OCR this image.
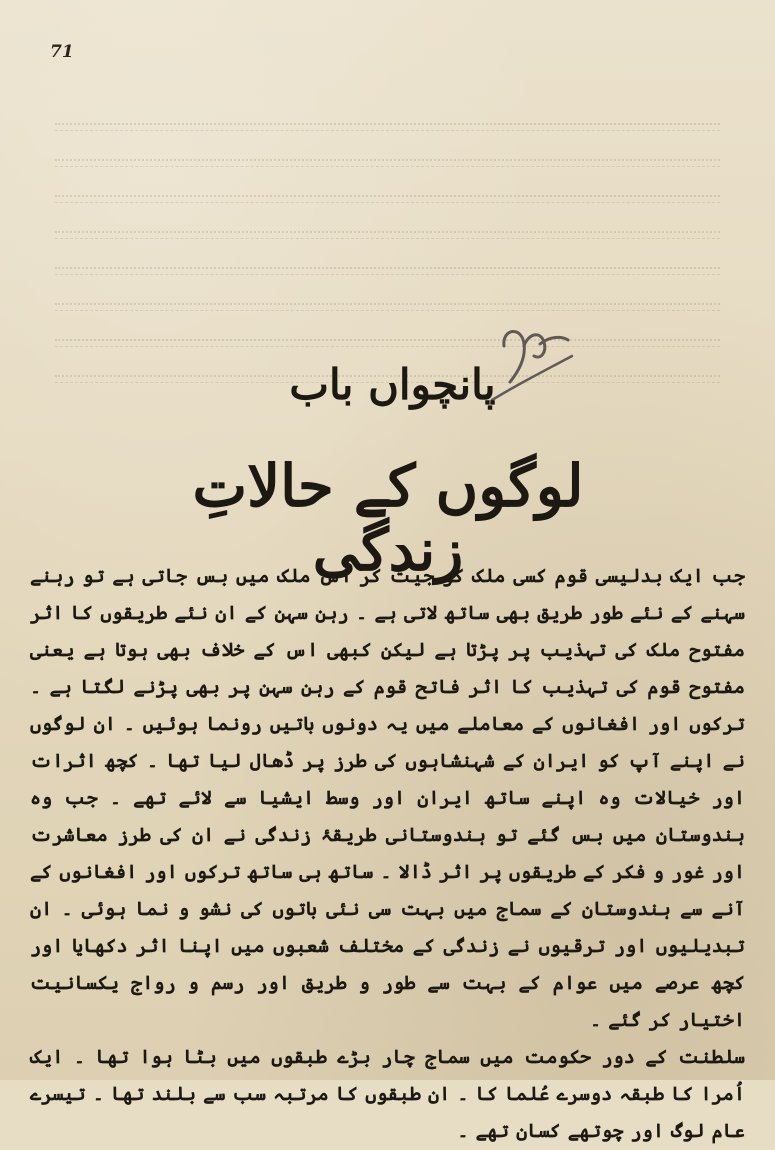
71
پانچواں باب
لوگوں کے حالاتِ زندگی

جب ایک بدلیسی قوم کسی ملک کو جیت کر اس ملک میں بس جاتی ہے تو رہنے سہنے کے نئے طور طریق بھی ساتھ لاتی ہے ۔ رہن سہن کے ان نئے طریقوں کا اثر مفتوح ملک کی تہذیب پر پڑتا ہے لیکن کبھی اس کے خلاف بھی ہوتا ہے یعنی مفتوح قوم کی تہذیب کا اثر فاتح قوم کے رہن سہن پر بھی پڑنے لگتا ہے ۔ ترکوں اور افغانوں کے معاملے میں یہ دونوں باتیں رونما ہوئیں ۔ ان لوگوں نے اپنے آپ کو ایران کے شہنشاہوں کی طرز پر ڈھال لیا تھا ۔ کچھ اثرات اور خیالات وہ اپنے ساتھ ایران اور وسط ایشیا سے لائے تھے ۔ جب وہ ہندوستان میں بس گئے تو ہندوستانی طریقۂ زندگی نے ان کی طرز معاشرت اور غور و فکر کے طریقوں پر اثر ڈالا ۔ ساتھ ہی ساتھ ترکوں اور افغانوں کے آنے سے ہندوستان کے سماج میں بہت سی نئی باتوں کی نشو و نما ہوئی ۔ ان تبدیلیوں اور ترقیوں نے زندگی کے مختلف شعبوں میں اپنا اثر دکھایا اور کچھ عرصے میں عوام کے بہت سے طور و طریق اور رسم و رواج یکسانیت اختیار کر گئے ۔

سلطنت کے دور حکومت میں سماج چار بڑے طبقوں میں بٹا ہوا تھا ۔ ایک اُمرا کا طبقہ دوسرے عُلما کا ۔ ان طبقوں کا مرتبہ سب سے بلند تھا ۔ تیسرے عام لوگ اور چوتھے کسان تھے ۔
